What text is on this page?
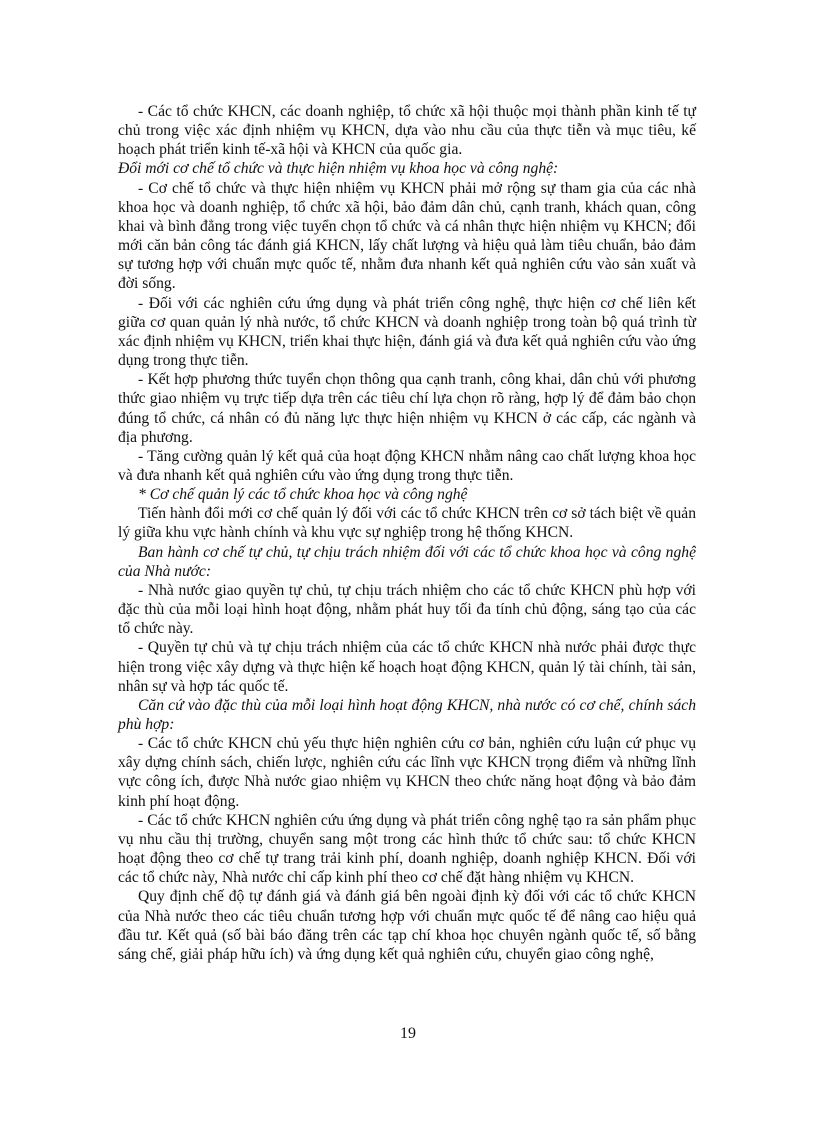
- Các tổ chức KHCN, các doanh nghiệp, tổ chức xã hội thuộc mọi thành phần kinh tế tự chủ trong việc xác định nhiệm vụ KHCN, dựa vào nhu cầu của thực tiễn và mục tiêu, kế hoạch phát triển kinh tế-xã hội và KHCN của quốc gia.

Đổi mới cơ chế tổ chức và thực hiện nhiệm vụ khoa học và công nghệ:

- Cơ chế tổ chức và thực hiện nhiệm vụ KHCN phải mở rộng sự tham gia của các nhà khoa học và doanh nghiệp, tổ chức xã hội, bảo đảm dân chủ, cạnh tranh, khách quan, công khai và bình đẳng trong việc tuyển chọn tổ chức và cá nhân thực hiện nhiệm vụ KHCN; đổi mới căn bản công tác đánh giá KHCN, lấy chất lượng và hiệu quả làm tiêu chuẩn, bảo đảm sự tương hợp với chuẩn mực quốc tế, nhằm đưa nhanh kết quả nghiên cứu vào sản xuất và đời sống.

- Đối với các nghiên cứu ứng dụng và phát triển công nghệ, thực hiện cơ chế liên kết giữa cơ quan quản lý nhà nước, tổ chức KHCN và doanh nghiệp trong toàn bộ quá trình từ xác định nhiệm vụ KHCN, triển khai thực hiện, đánh giá và đưa kết quả nghiên cứu vào ứng dụng trong thực tiễn.

- Kết hợp phương thức tuyển chọn thông qua cạnh tranh, công khai, dân chủ với phương thức giao nhiệm vụ trực tiếp dựa trên các tiêu chí lựa chọn rõ ràng, hợp lý để đảm bảo chọn đúng tổ chức, cá nhân có đủ năng lực thực hiện nhiệm vụ KHCN ở các cấp, các ngành và địa phương.

- Tăng cường quản lý kết quả của hoạt động KHCN nhằm nâng cao chất lượng khoa học và đưa nhanh kết quả nghiên cứu vào ứng dụng trong thực tiễn.

* Cơ chế quản lý các tổ chức khoa học và công nghệ

Tiến hành đổi mới cơ chế quản lý đối với các tổ chức KHCN trên cơ sở tách biệt về quản lý giữa khu vực hành chính và khu vực sự nghiệp trong hệ thống KHCN.

Ban hành cơ chế tự chủ, tự chịu trách nhiệm đối với các tổ chức khoa học và công nghệ của Nhà nước:

- Nhà nước giao quyền tự chủ, tự chịu trách nhiệm cho các tổ chức KHCN phù hợp với đặc thù của mỗi loại hình hoạt động, nhằm phát huy tối đa tính chủ động, sáng tạo của các tổ chức này.

- Quyền tự chủ và tự chịu trách nhiệm của các tổ chức KHCN nhà nước phải được thực hiện trong việc xây dựng và thực hiện kế hoạch hoạt động KHCN, quản lý tài chính, tài sản, nhân sự và hợp tác quốc tế.

Căn cứ vào đặc thù của mỗi loại hình hoạt động KHCN, nhà nước có cơ chế, chính sách phù hợp:

- Các tổ chức KHCN chủ yếu thực hiện nghiên cứu cơ bản, nghiên cứu luận cứ phục vụ xây dựng chính sách, chiến lược, nghiên cứu các lĩnh vực KHCN trọng điểm và những lĩnh vực công ích, được Nhà nước giao nhiệm vụ KHCN theo chức năng hoạt động và bảo đảm kinh phí hoạt động.

- Các tổ chức KHCN nghiên cứu ứng dụng và phát triển công nghệ tạo ra sản phẩm phục vụ nhu cầu thị trường, chuyển sang một trong các hình thức tổ chức sau: tổ chức KHCN hoạt động theo cơ chế tự trang trải kinh phí, doanh nghiệp, doanh nghiệp KHCN. Đối với các tổ chức này, Nhà nước chỉ cấp kinh phí theo cơ chế đặt hàng nhiệm vụ KHCN.

Quy định chế độ tự đánh giá và đánh giá bên ngoài định kỳ đối với các tổ chức KHCN của Nhà nước theo các tiêu chuẩn tương hợp với chuẩn mực quốc tế để nâng cao hiệu quả đầu tư. Kết quả (số bài báo đăng trên các tạp chí khoa học chuyên ngành quốc tế, số bằng sáng chế, giải pháp hữu ích) và ứng dụng kết quả nghiên cứu, chuyển giao công nghệ,

19
